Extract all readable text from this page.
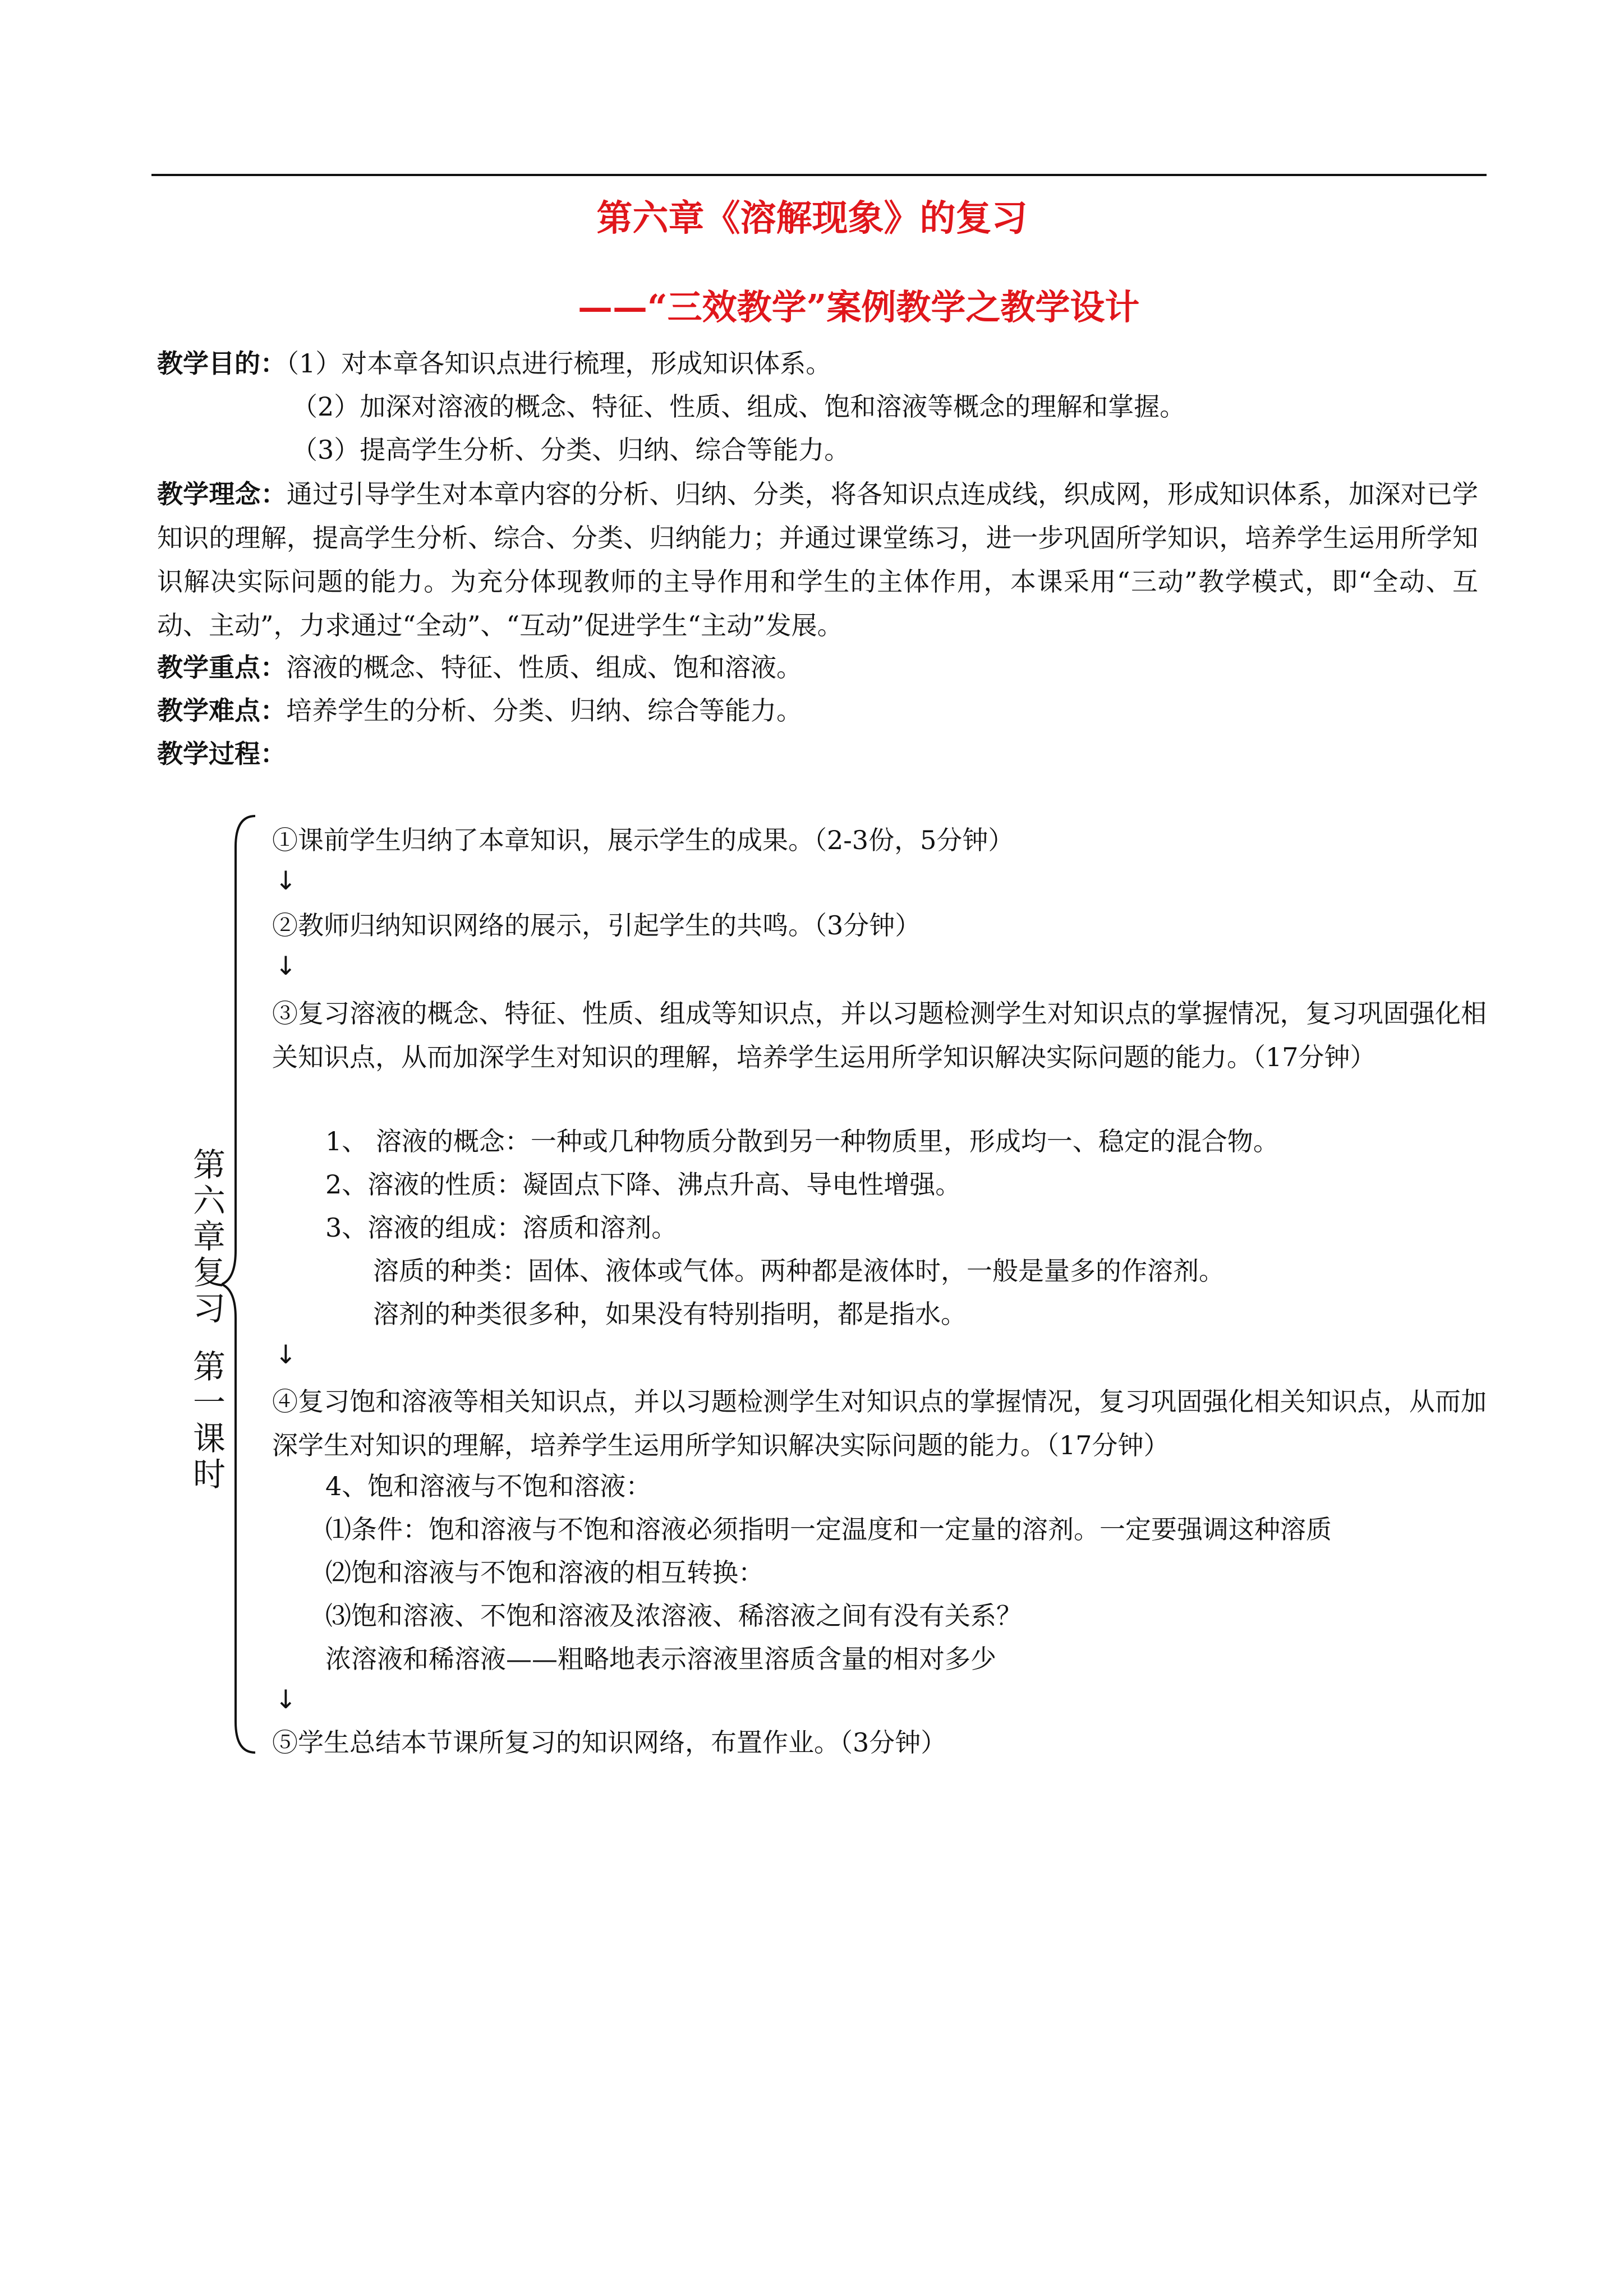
第六章《溶解现象》的复习
——“三效教学”案例教学之教学设计
教学目的：（1）对本章各知识点进行梳理，形成知识体系。
（2）加深对溶液的概念、特征、性质、组成、饱和溶液等概念的理解和掌握。
（3）提高学生分析、分类、归纳、综合等能力。
教学理念：通过引导学生对本章内容的分析、归纳、分类，将各知识点连成线，织成网，形成知识体系，加深对已学知识的理解，提高学生分析、综合、分类、归纳能力；并通过课堂练习，进一步巩固所学知识，培养学生运用所学知识解决实际问题的能力。为充分体现教师的主导作用和学生的主体作用，本课采用“三动”教学模式，即“全动、互动、主动”，力求通过“全动”、“互动”促进学生“主动”发展。
教学重点：溶液的概念、特征、性质、组成、饱和溶液。
教学难点：培养学生的分析、分类、归纳、综合等能力。
教学过程：
第
六
章
复
习
第
一
课
时
①课前学生归纳了本章知识，展示学生的成果。（2-3份，5分钟）
↓
②教师归纳知识网络的展示，引起学生的共鸣。（3分钟）
↓
③复习溶液的概念、特征、性质、组成等知识点，并以习题检测学生对知识点的掌握情况，复习巩固强化相关知识点，从而加深学生对知识的理解，培养学生运用所学知识解决实际问题的能力。（17分钟）
1、 溶液的概念：一种或几种物质分散到另一种物质里，形成均一、稳定的混合物。
2、溶液的性质：凝固点下降、沸点升高、导电性增强。
3、溶液的组成：溶质和溶剂。
溶质的种类：固体、液体或气体。两种都是液体时，一般是量多的作溶剂。
溶剂的种类很多种，如果没有特别指明，都是指水。
↓
④复习饱和溶液等相关知识点，并以习题检测学生对知识点的掌握情况，复习巩固强化相关知识点，从而加深学生对知识的理解，培养学生运用所学知识解决实际问题的能力。（17分钟）
4、饱和溶液与不饱和溶液：
⑴条件：饱和溶液与不饱和溶液必须指明一定温度和一定量的溶剂。一定要强调这种溶质
⑵饱和溶液与不饱和溶液的相互转换：
⑶饱和溶液、不饱和溶液及浓溶液、稀溶液之间有没有关系？
浓溶液和稀溶液——粗略地表示溶液里溶质含量的相对多少
↓
⑤学生总结本节课所复习的知识网络，布置作业。（3分钟）
